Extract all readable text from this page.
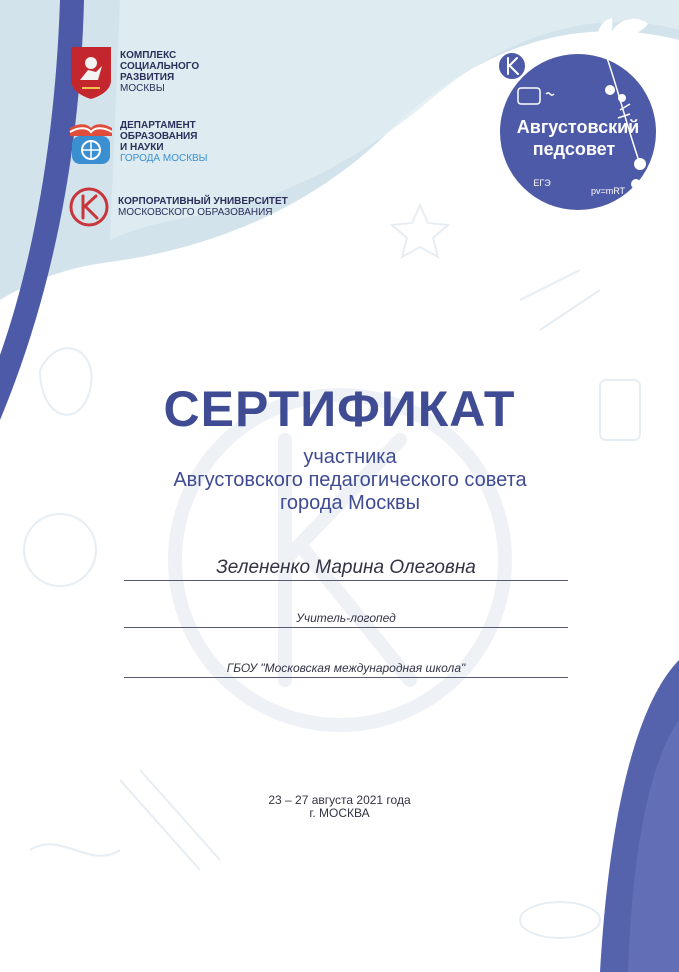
КОМПЛЕКС
СОЦИАЛЬНОГО
РАЗВИТИЯ
МОСКВЫ
ДЕПАРТАМЕНТ
ОБРАЗОВАНИЯ
И НАУКИ
ГОРОДА МОСКВЫ
КОРПОРАТИВНЫЙ УНИВЕРСИТЕТ
МОСКОВСКОГО ОБРАЗОВАНИЯ
Августовский
педсовет
ЕГЭ
pv=mRT
СЕРТИФИКАТ
участника
Августовского педагогического совета
города Москвы
Зелененко Марина Олеговна
Учитель-логопед
ГБОУ "Московская международная школа"
23 – 27 августа 2021 года
г. МОСКВА
